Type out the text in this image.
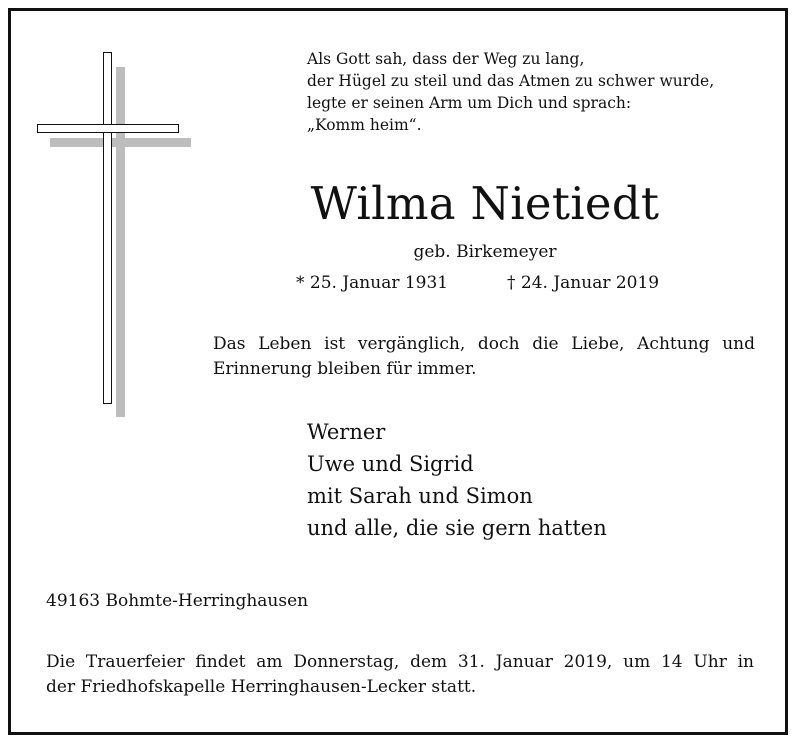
Als Gott sah, dass der Weg zu lang,
der Hügel zu steil und das Atmen zu schwer wurde,
legte er seinen Arm um Dich und sprach:
„Komm heim“.
Wilma Nietiedt
geb. Birkemeyer
* 25. Januar 1931	† 24. Januar 2019
Das Leben ist vergänglich, doch die Liebe, Achtung und
Erinnerung bleiben für immer.
Werner
Uwe und Sigrid
mit Sarah und Simon
und alle, die sie gern hatten
49163 Bohmte-Herringhausen
Die Trauerfeier findet am Donnerstag, dem 31. Januar 2019, um 14 Uhr in
der Friedhofskapelle Herringhausen-Lecker statt.
